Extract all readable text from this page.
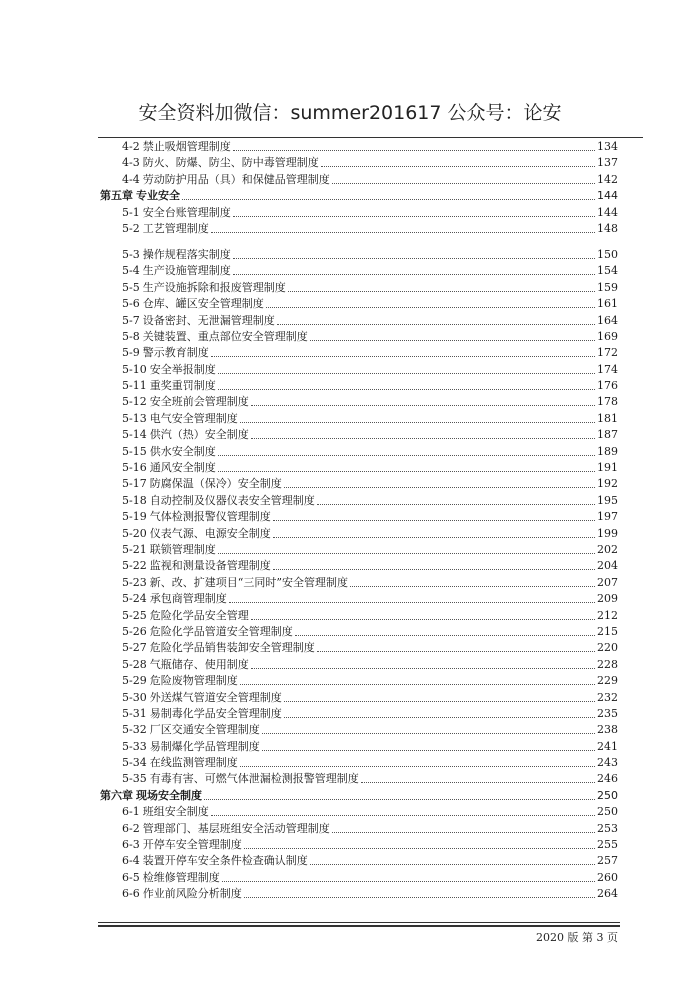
安全资料加微信：summer201617 公众号：论安
4-2 禁止吸烟管理制度	134
4-3 防火、防爆、防尘、防中毒管理制度	137
4-4 劳动防护用品（具）和保健品管理制度	142
第五章 专业安全	144
5-1 安全台账管理制度	144
5-2 工艺管理制度	148
5-3 操作规程落实制度	150
5-4 生产设施管理制度	154
5-5 生产设施拆除和报废管理制度	159
5-6 仓库、罐区安全管理制度	161
5-7 设备密封、无泄漏管理制度	164
5-8 关键装置、重点部位安全管理制度	169
5-9 警示教育制度	172
5-10 安全举报制度	174
5-11 重奖重罚制度	176
5-12 安全班前会管理制度	178
5-13 电气安全管理制度	181
5-14 供汽（热）安全制度	187
5-15 供水安全制度	189
5-16 通风安全制度	191
5-17 防腐保温（保冷）安全制度	192
5-18 自动控制及仪器仪表安全管理制度	195
5-19 气体检测报警仪管理制度	197
5-20 仪表气源、电源安全制度	199
5-21 联锁管理制度	202
5-22 监视和测量设备管理制度	204
5-23 新、改、扩建项目“三同时”安全管理制度	207
5-24 承包商管理制度	209
5-25 危险化学品安全管理	212
5-26 危险化学品管道安全管理制度	215
5-27 危险化学品销售装卸安全管理制度	220
5-28 气瓶储存、使用制度	228
5-29 危险废物管理制度	229
5-30 外送煤气管道安全管理制度	232
5-31 易制毒化学品安全管理制度	235
5-32 厂区交通安全管理制度	238
5-33 易制爆化学品管理制度	241
5-34 在线监测管理制度	243
5-35 有毒有害、可燃气体泄漏检测报警管理制度	246
第六章 现场安全制度	250
6-1 班组安全制度	250
6-2 管理部门、基层班组安全活动管理制度	253
6-3 开停车安全管理制度	255
6-4 装置开停车安全条件检查确认制度	257
6-5 检维修管理制度	260
6-6 作业前风险分析制度	264
2020 版 第 3 页
